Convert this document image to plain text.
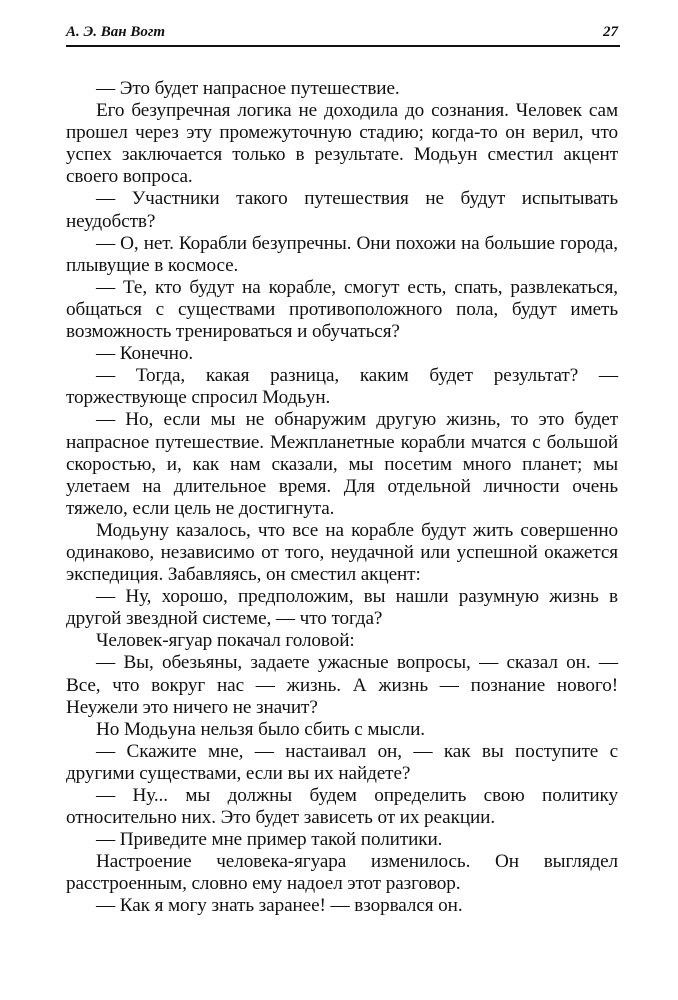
А. Э. Ван Вогт	27

— Это будет напрасное путешествие.

Его безупречная логика не доходила до сознания. Человек сам прошел через эту промежуточную стадию; когда-то он верил, что успех заключается только в результате. Модьун сместил акцент своего вопроса.

— Участники такого путешествия не будут испытывать неудобств?

— О, нет. Корабли безупречны. Они похожи на большие города, плывущие в космосе.

— Те, кто будут на корабле, смогут есть, спать, развлекаться, общаться с существами противоположного пола, будут иметь возможность тренироваться и обучаться?

— Конечно.

— Тогда, какая разница, каким будет результат? — торжествующе спросил Модьун.

— Но, если мы не обнаружим другую жизнь, то это будет напрасное путешествие. Межпланетные корабли мчатся с большой скоростью, и, как нам сказали, мы посетим много планет; мы улетаем на длительное время. Для отдельной личности очень тяжело, если цель не достигнута.

Модьуну казалось, что все на корабле будут жить совершенно одинаково, независимо от того, неудачной или успешной окажется экспедиция. Забавляясь, он сместил акцент:

— Ну, хорошо, предположим, вы нашли разумную жизнь в другой звездной системе, — что тогда?

Человек-ягуар покачал головой:

— Вы, обезьяны, задаете ужасные вопросы, — сказал он. — Все, что вокруг нас — жизнь. А жизнь — познание нового! Неужели это ничего не значит?

Но Модьуна нельзя было сбить с мысли.

— Скажите мне, — настаивал он, — как вы поступите с другими существами, если вы их найдете?

— Ну... мы должны будем определить свою политику относительно них. Это будет зависеть от их реакции.

— Приведите мне пример такой политики.

Настроение человека-ягуара изменилось. Он выглядел расстроенным, словно ему надоел этот разговор.

— Как я могу знать заранее! — взорвался он.
